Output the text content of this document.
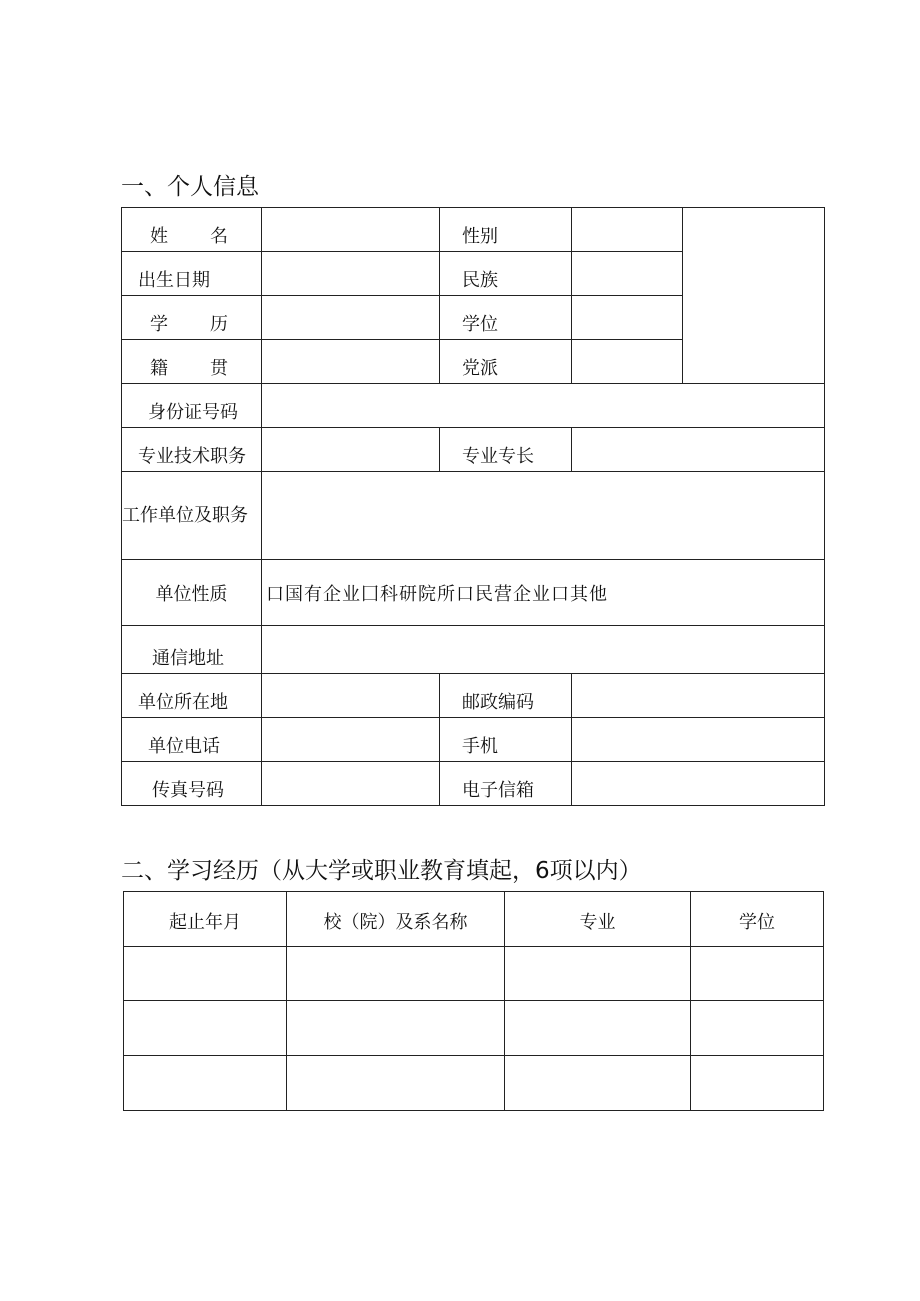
一、个人信息
姓 名		性别		
出生日期		民族		

学 历		学位		

籍 贯		党派		
身份证号码				
专业技术职务		专业专长		
工作单位及职务				
单位性质	口国有企业囗科研院所口民营企业口其他			
通信地址				
单位所在地		邮政编码		
单位电话		手机		
传真号码		电子信箱		
二、学习经历（从大学或职业教育填起，6项以内）
起止年月	校（院）及系名称	专业	学位
